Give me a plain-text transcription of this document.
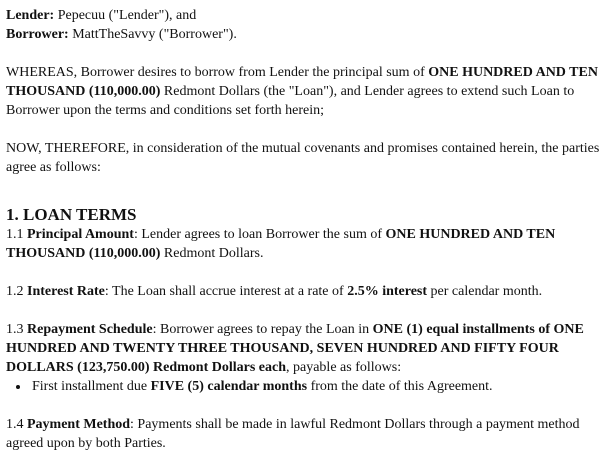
Lender: Pepecuu ("Lender"), and

Borrower: MattTheSavvy ("Borrower").

WHEREAS, Borrower desires to borrow from Lender the principal sum of ONE HUNDRED AND TEN THOUSAND (110,000.00) Redmont Dollars (the "Loan"), and Lender agrees to extend such Loan to Borrower upon the terms and conditions set forth herein;

NOW, THEREFORE, in consideration of the mutual covenants and promises contained herein, the parties agree as follows:

1. LOAN TERMS

1.1 Principal Amount: Lender agrees to loan Borrower the sum of ONE HUNDRED AND TEN THOUSAND (110,000.00) Redmont Dollars.

1.2 Interest Rate: The Loan shall accrue interest at a rate of 2.5% interest per calendar month.

1.3 Repayment Schedule: Borrower agrees to repay the Loan in ONE (1) equal installments of ONE HUNDRED AND TWENTY THREE THOUSAND, SEVEN HUNDRED AND FIFTY FOUR DOLLARS (123,750.00) Redmont Dollars each, payable as follows:

• First installment due FIVE (5) calendar months from the date of this Agreement.

1.4 Payment Method: Payments shall be made in lawful Redmont Dollars through a payment method agreed upon by both Parties.
